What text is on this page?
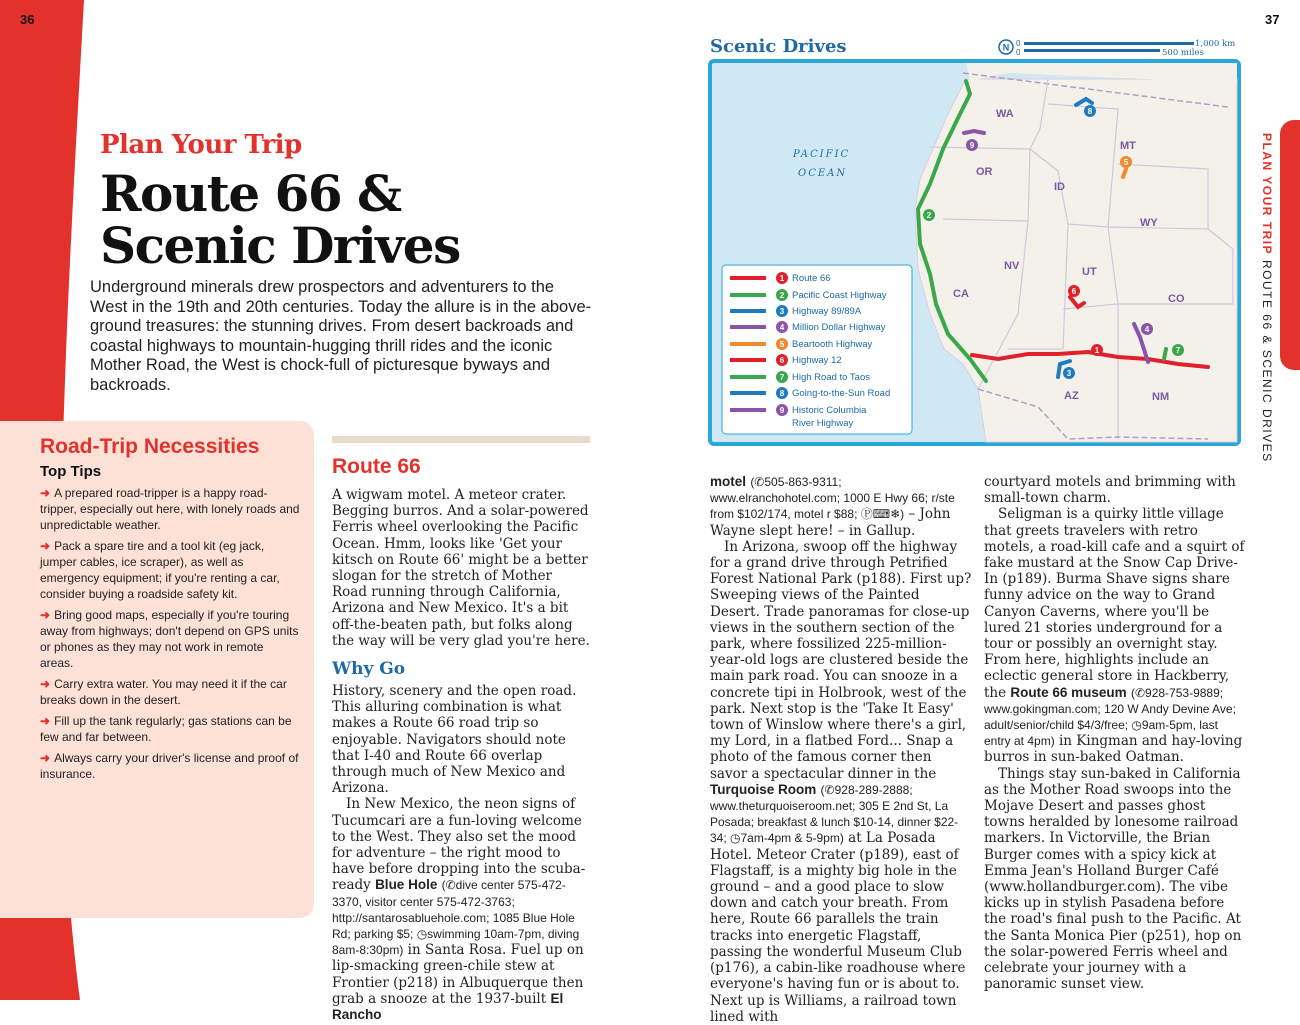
36	37
Plan Your Trip
Route 66 &
Scenic Drives
Underground minerals drew prospectors and adventurers to the West in the 19th and 20th centuries. Today the allure is in the above-ground treasures: the stunning drives. From desert backroads and coastal highways to mountain-hugging thrill rides and the iconic Mother Road, the West is chock-full of picturesque byways and backroads.
Road-Trip Necessities
Top Tips
➜ A prepared road-tripper is a happy road-tripper, especially out here, with lonely roads and unpredictable weather.
➜ Pack a spare tire and a tool kit (eg jack, jumper cables, ice scraper), as well as emergency equipment; if you're renting a car, consider buying a roadside safety kit.
➜ Bring good maps, especially if you're touring away from highways; don't depend on GPS units or phones as they may not work in remote areas.
➜ Carry extra water. You may need it if the car breaks down in the desert.
➜ Fill up the tank regularly; gas stations can be few and far between.
➜ Always carry your driver's license and proof of insurance.
Route 66

A wigwam motel. A meteor crater. Begging burros. And a solar-powered Ferris wheel overlooking the Pacific Ocean. Hmm, looks like 'Get your kitsch on Route 66' might be a better slogan for the stretch of Mother Road running through California, Arizona and New Mexico. It's a bit off-the-beaten path, but folks along the way will be very glad you're here.

Why Go

History, scenery and the open road. This alluring combination is what makes a Route 66 road trip so enjoyable. Navigators should note that I-40 and Route 66 overlap through much of New Mexico and Arizona.

In New Mexico, the neon signs of Tucumcari are a fun-loving welcome to the West. They also set the mood for adventure – the right mood to have before dropping into the scuba-ready Blue Hole (✆dive center 575-472-3370, visitor center 575-472-3763; http://santarosabluehole.com; 1085 Blue Hole Rd; parking $5; ◷swimming 10am-7pm, diving 8am-8:30pm) in Santa Rosa. Fuel up on lip-smacking green-chile stew at Frontier (p218) in Albuquerque then grab a snooze at the 1937-built El Rancho

motel (✆505-863-9311; www.elranchohotel.com; 1000 E Hwy 66; r/ste from $102/174, motel r $88; Ⓟ⌨❄) – John Wayne slept here! – in Gallup.

In Arizona, swoop off the highway for a grand drive through Petrified Forest National Park (p188). First up? Sweeping views of the Painted Desert. Trade panoramas for close-up views in the southern section of the park, where fossilized 225-million-year-old logs are clustered beside the main park road. You can snooze in a concrete tipi in Holbrook, west of the park. Next stop is the 'Take It Easy' town of Winslow where there's a girl, my Lord, in a flatbed Ford... Snap a photo of the famous corner then savor a spectacular dinner in the Turquoise Room (✆928-289-2888; www.theturquoiseroom.net; 305 E 2nd St, La Posada; breakfast & lunch $10-14, dinner $22-34; ◷7am-4pm & 5-9pm) at La Posada Hotel. Meteor Crater (p189), east of Flagstaff, is a mighty big hole in the ground – and a good place to slow down and catch your breath. From here, Route 66 parallels the train tracks into energetic Flagstaff, passing the wonderful Museum Club (p176), a cabin-like roadhouse where everyone's having fun or is about to. Next up is Williams, a railroad town lined with

courtyard motels and brimming with small-town charm.

Seligman is a quirky little village that greets travelers with retro motels, a road-kill cafe and a squirt of fake mustard at the Snow Cap Drive-In (p189). Burma Shave signs share funny advice on the way to Grand Canyon Caverns, where you'll be lured 21 stories underground for a tour or possibly an overnight stay. From here, highlights include an eclectic general store in Hackberry, the Route 66 museum (✆928-753-9889; www.gokingman.com; 120 W Andy Devine Ave; adult/senior/child $4/3/free; ◷9am-5pm, last entry at 4pm) in Kingman and hay-loving burros in sun-baked Oatman.

Things stay sun-baked in California as the Mother Road swoops into the Mojave Desert and passes ghost towns heralded by lonesome railroad markers. In Victorville, the Brian Burger comes with a spicy kick at Emma Jean's Holland Burger Café (www.hollandburger.com). The vibe kicks up in stylish Pasadena before the road's final push to the Pacific. At the Santa Monica Pier (p251), hop on the solar-powered Ferris wheel and celebrate your journey with a panoramic sunset view.

Scenic Drives	N 0
0
1,000 km
500 miles
WA
OR
ID
MT
WY
NV	UT
CO
CA
AZ	NM
PACIFIC
OCEAN
1
2
3
4
5
6
7
8
9
1 Route 66
2 Pacific Coast Highway
3 Highway 89/89A
4 Million Dollar Highway
5 Beartooth Highway
6 Highway 12
7 High Road to Taos
8 Going-to-the-Sun Road
9 Historic Columbia
River Highway
PLAN YOUR TRIP ROUTE 66 & SCENIC DRIVES
